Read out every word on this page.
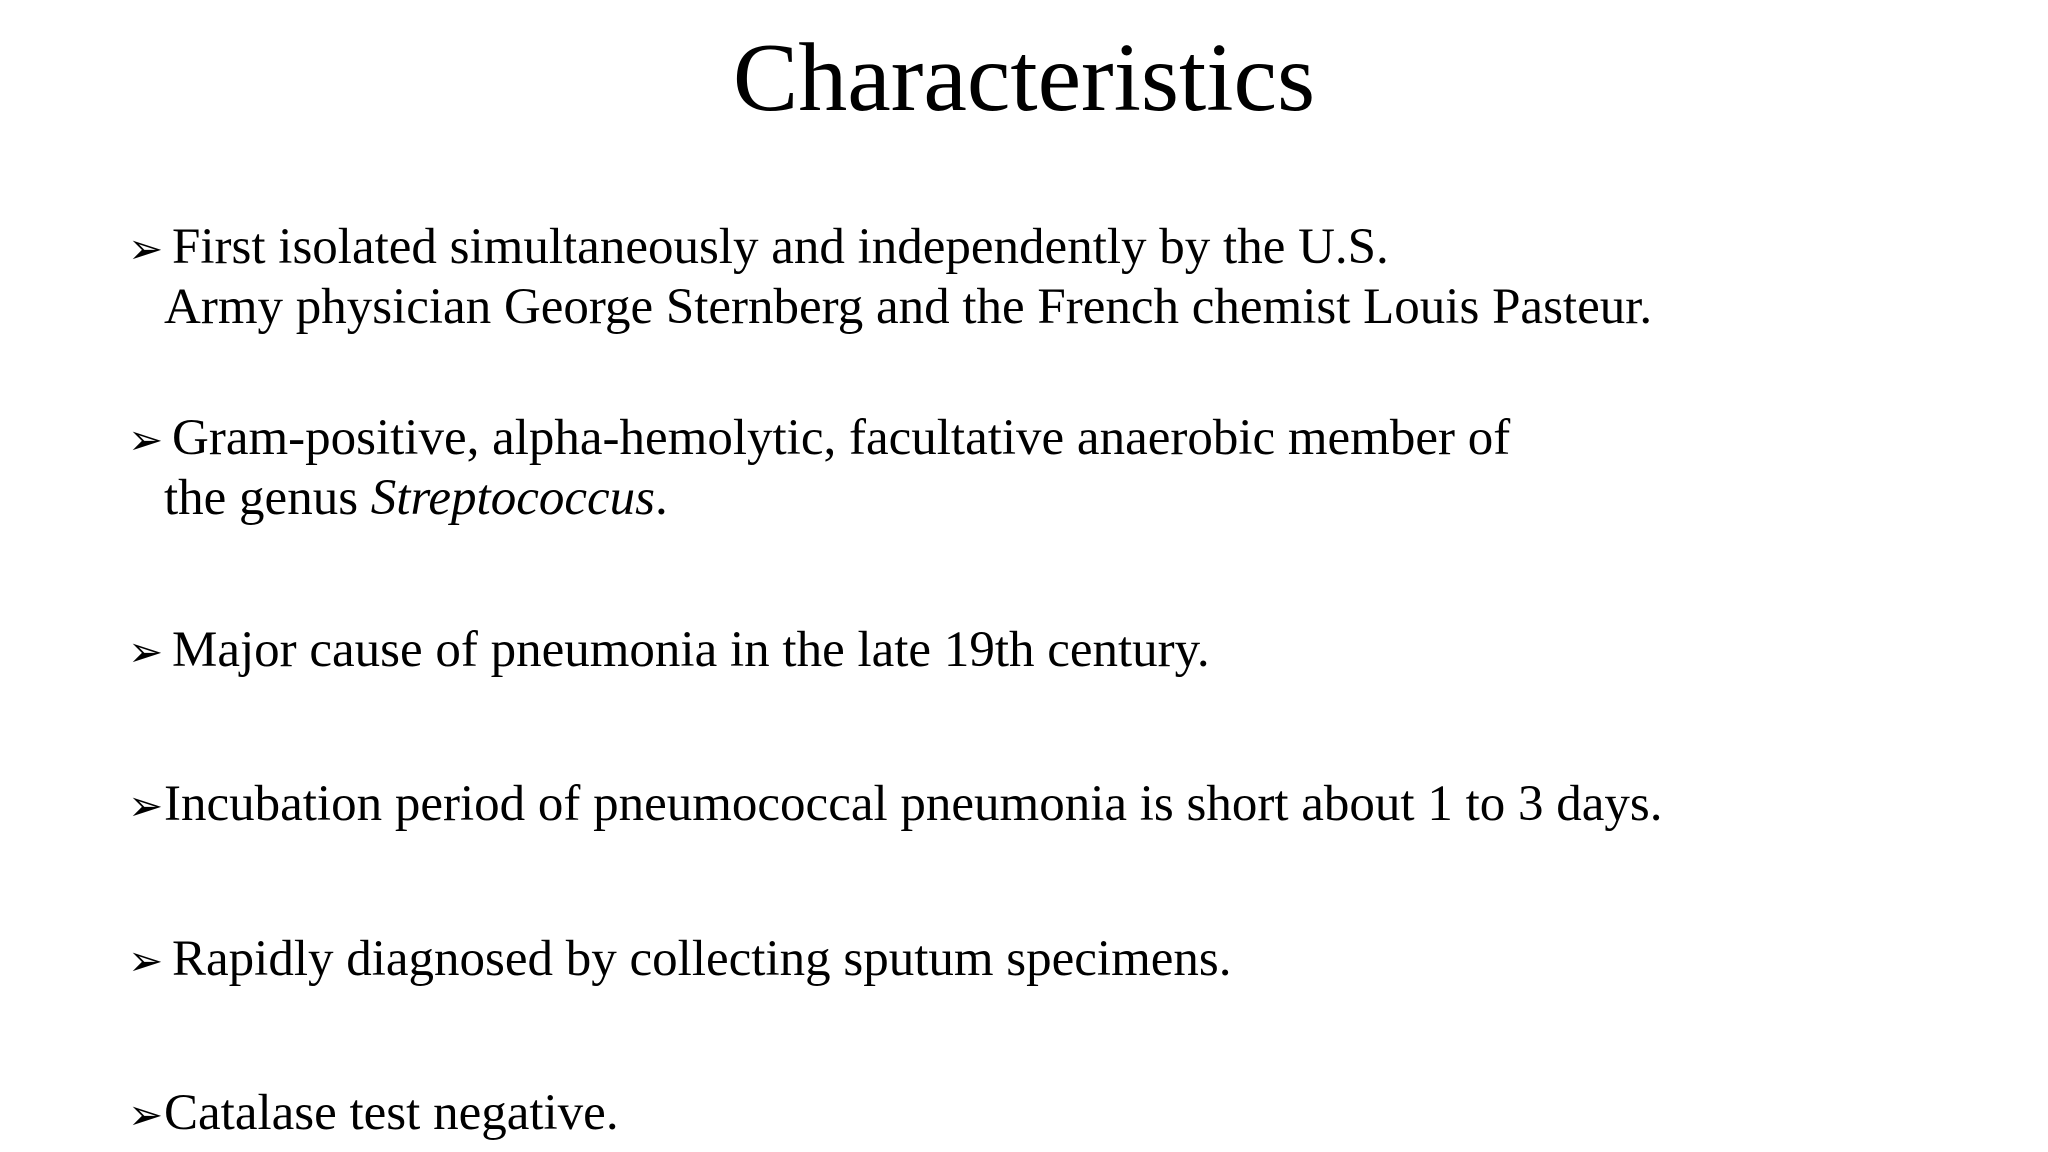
Characteristics
➢ First isolated simultaneously and independently by the U.S.
Army physician George Sternberg and the French chemist Louis Pasteur.
➢ Gram-positive, alpha-hemolytic, facultative anaerobic member of
the genus Streptococcus.
➢ Major cause of pneumonia in the late 19th century.
➢Incubation period of pneumococcal pneumonia is short about 1 to 3 days.
➢ Rapidly diagnosed by collecting sputum specimens.
➢Catalase test negative.
